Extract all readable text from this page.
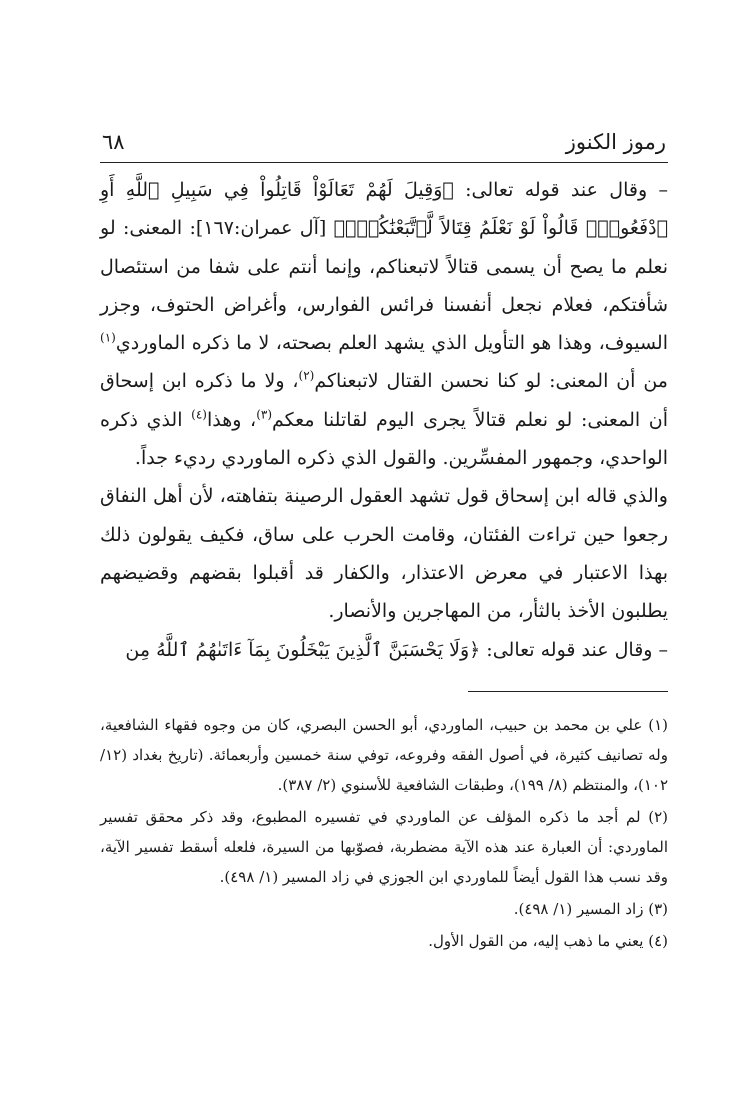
رموز الكنوز
٦٨

– وقال عند قوله تعالى: ﴿وَقِيلَ لَهُمْ تَعَالَوْاْ قَاتِلُواْ فِي سَبِيلِ ٱللَّهِ أَوِ ٱدْفَعُواْۖ قَالُواْ لَوْ نَعْلَمُ قِتَالاً لَّٱتَّبَعْنَٰكُمْۗ﴾ [آل عمران:١٦٧]: المعنى: لو نعلم ما يصح أن يسمى قتالاً لاتبعناكم، وإنما أنتم على شفا من استئصال شأفتكم، فعلام نجعل أنفسنا فرائس الفوارس، وأغراض الحتوف، وجزر السيوف، وهذا هو التأويل الذي يشهد العلم بصحته، لا ما ذكره الماوردي$^{(١)}$ من أن المعنى: لو كنا نحسن القتال لاتبعناكم$^{(٢)}$، ولا ما ذكره ابن إسحاق أن المعنى: لو نعلم قتالاً يجرى اليوم لقاتلنا معكم$^{(٣)}$، وهذا$^{(٤)}$ الذي ذكره الواحدي، وجمهور المفسِّرين. والقول الذي ذكره الماوردي رديء جداً.

والذي قاله ابن إسحاق قول تشهد العقول الرصينة بتفاهته، لأن أهل النفاق رجعوا حين تراءت الفئتان، وقامت الحرب على ساق، فكيف يقولون ذلك بهذا الاعتبار في معرض الاعتذار، والكفار قد أقبلوا بقضهم وقضيضهم يطلبون الأخذ بالثأر، من المهاجرين والأنصار.

– وقال عند قوله تعالى: ﴿وَلَا يَحْسَبَنَّ ٱلَّذِينَ يَبْخَلُونَ بِمَآ ءَاتَىٰهُمُ ٱللَّهُ مِن

(١) علي بن محمد بن حبيب، الماوردي، أبو الحسن البصري، كان من وجوه فقهاء الشافعية، وله تصانيف كثيرة، في أصول الفقه وفروعه، توفي سنة خمسين وأربعمائة. (تاريخ بغداد (١٢/ ١٠٢)، والمنتظم (٨/ ١٩٩)، وطبقات الشافعية للأسنوي (٢/ ٣٨٧).

(٢) لم أجد ما ذكره المؤلف عن الماوردي في تفسيره المطبوع، وقد ذكر محقق تفسير الماوردي: أن العبارة عند هذه الآية مضطربة، فصوّبها من السيرة، فلعله أسقط تفسير الآية، وقد نسب هذا القول أيضاً للماوردي ابن الجوزي في زاد المسير (١/ ٤٩٨).

(٣) زاد المسير (١/ ٤٩٨).

(٤) يعني ما ذهب إليه، من القول الأول.
